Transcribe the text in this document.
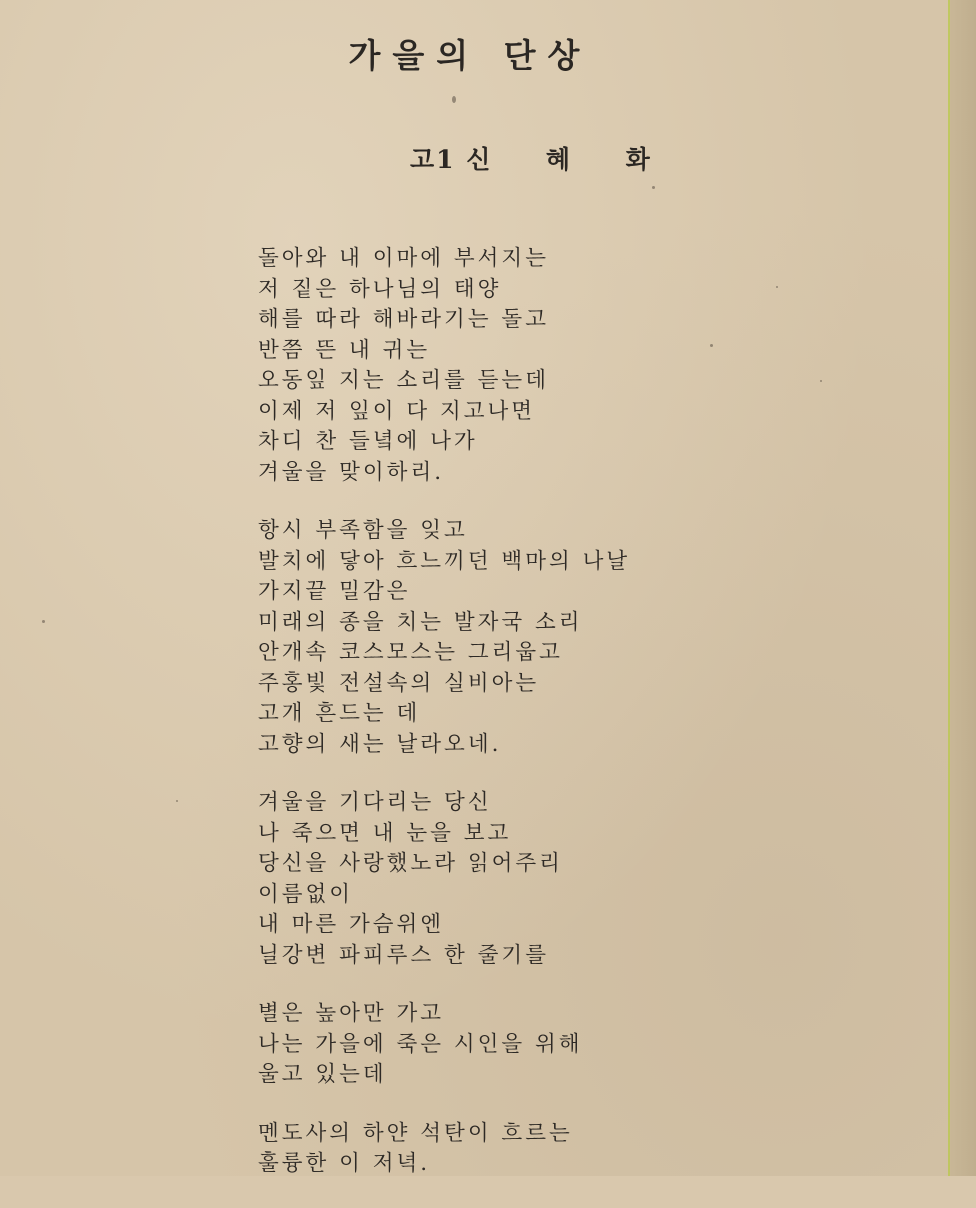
가을의 단상
고1 신     혜     화
돌아와 내 이마에 부서지는
저 짙은 하나님의 태양
해를 따라 해바라기는 돌고
반쯤 뜬 내 귀는
오동잎 지는 소리를 듣는데
이제 저 잎이 다 지고나면
차디 찬 들녘에 나가
겨울을 맞이하리.
항시 부족함을 잊고
발치에 닿아 흐느끼던 백마의 나날
가지끝 밀감은
미래의 종을 치는 발자국 소리
안개속 코스모스는 그리웁고
주홍빛 전설속의 실비아는
고개 흔드는 데
고향의 새는 날라오네.
겨울을 기다리는 당신
나 죽으면 내 눈을 보고
당신을 사랑했노라 읽어주리
이름없이
내 마른 가슴위엔
닐강변 파피루스 한 줄기를
별은 높아만 가고
나는 가을에 죽은 시인을 위해
울고 있는데
멘도사의 하얀 석탄이 흐르는
훌륭한 이 저녁.
